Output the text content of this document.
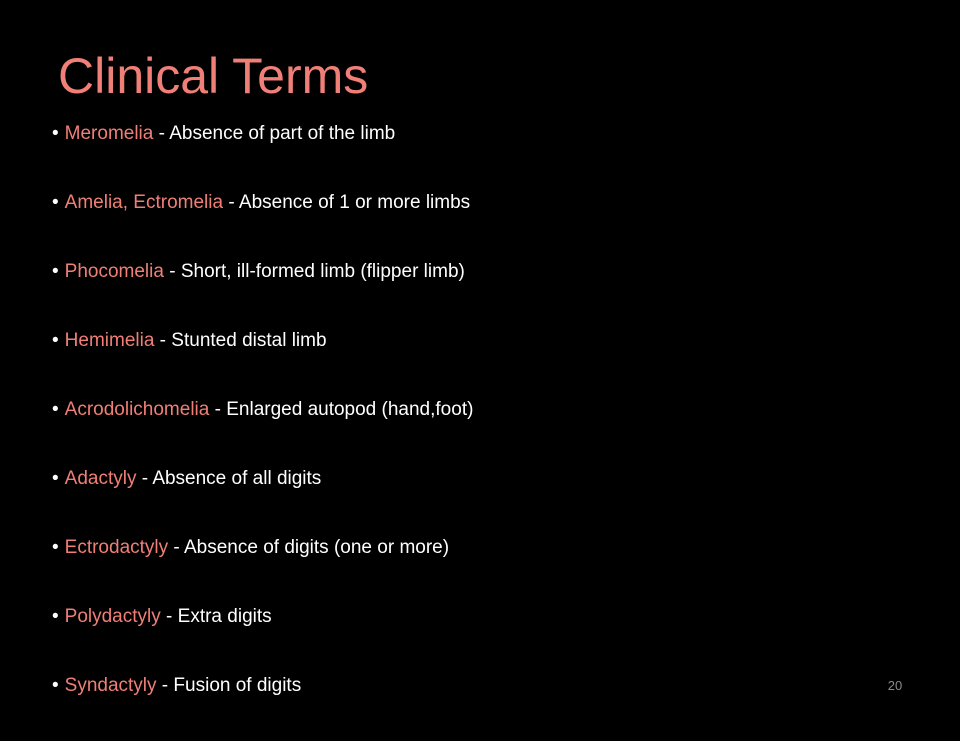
Clinical Terms
• Meromelia - Absence of part of the limb
• Amelia, Ectromelia - Absence of 1 or more limbs
• Phocomelia - Short, ill-formed limb (flipper limb)
• Hemimelia - Stunted distal limb
• Acrodolichomelia - Enlarged autopod (hand,foot)
• Adactyly - Absence of all digits
• Ectrodactyly - Absence of digits (one or more)
• Polydactyly - Extra digits
• Syndactyly - Fusion of digits	20
